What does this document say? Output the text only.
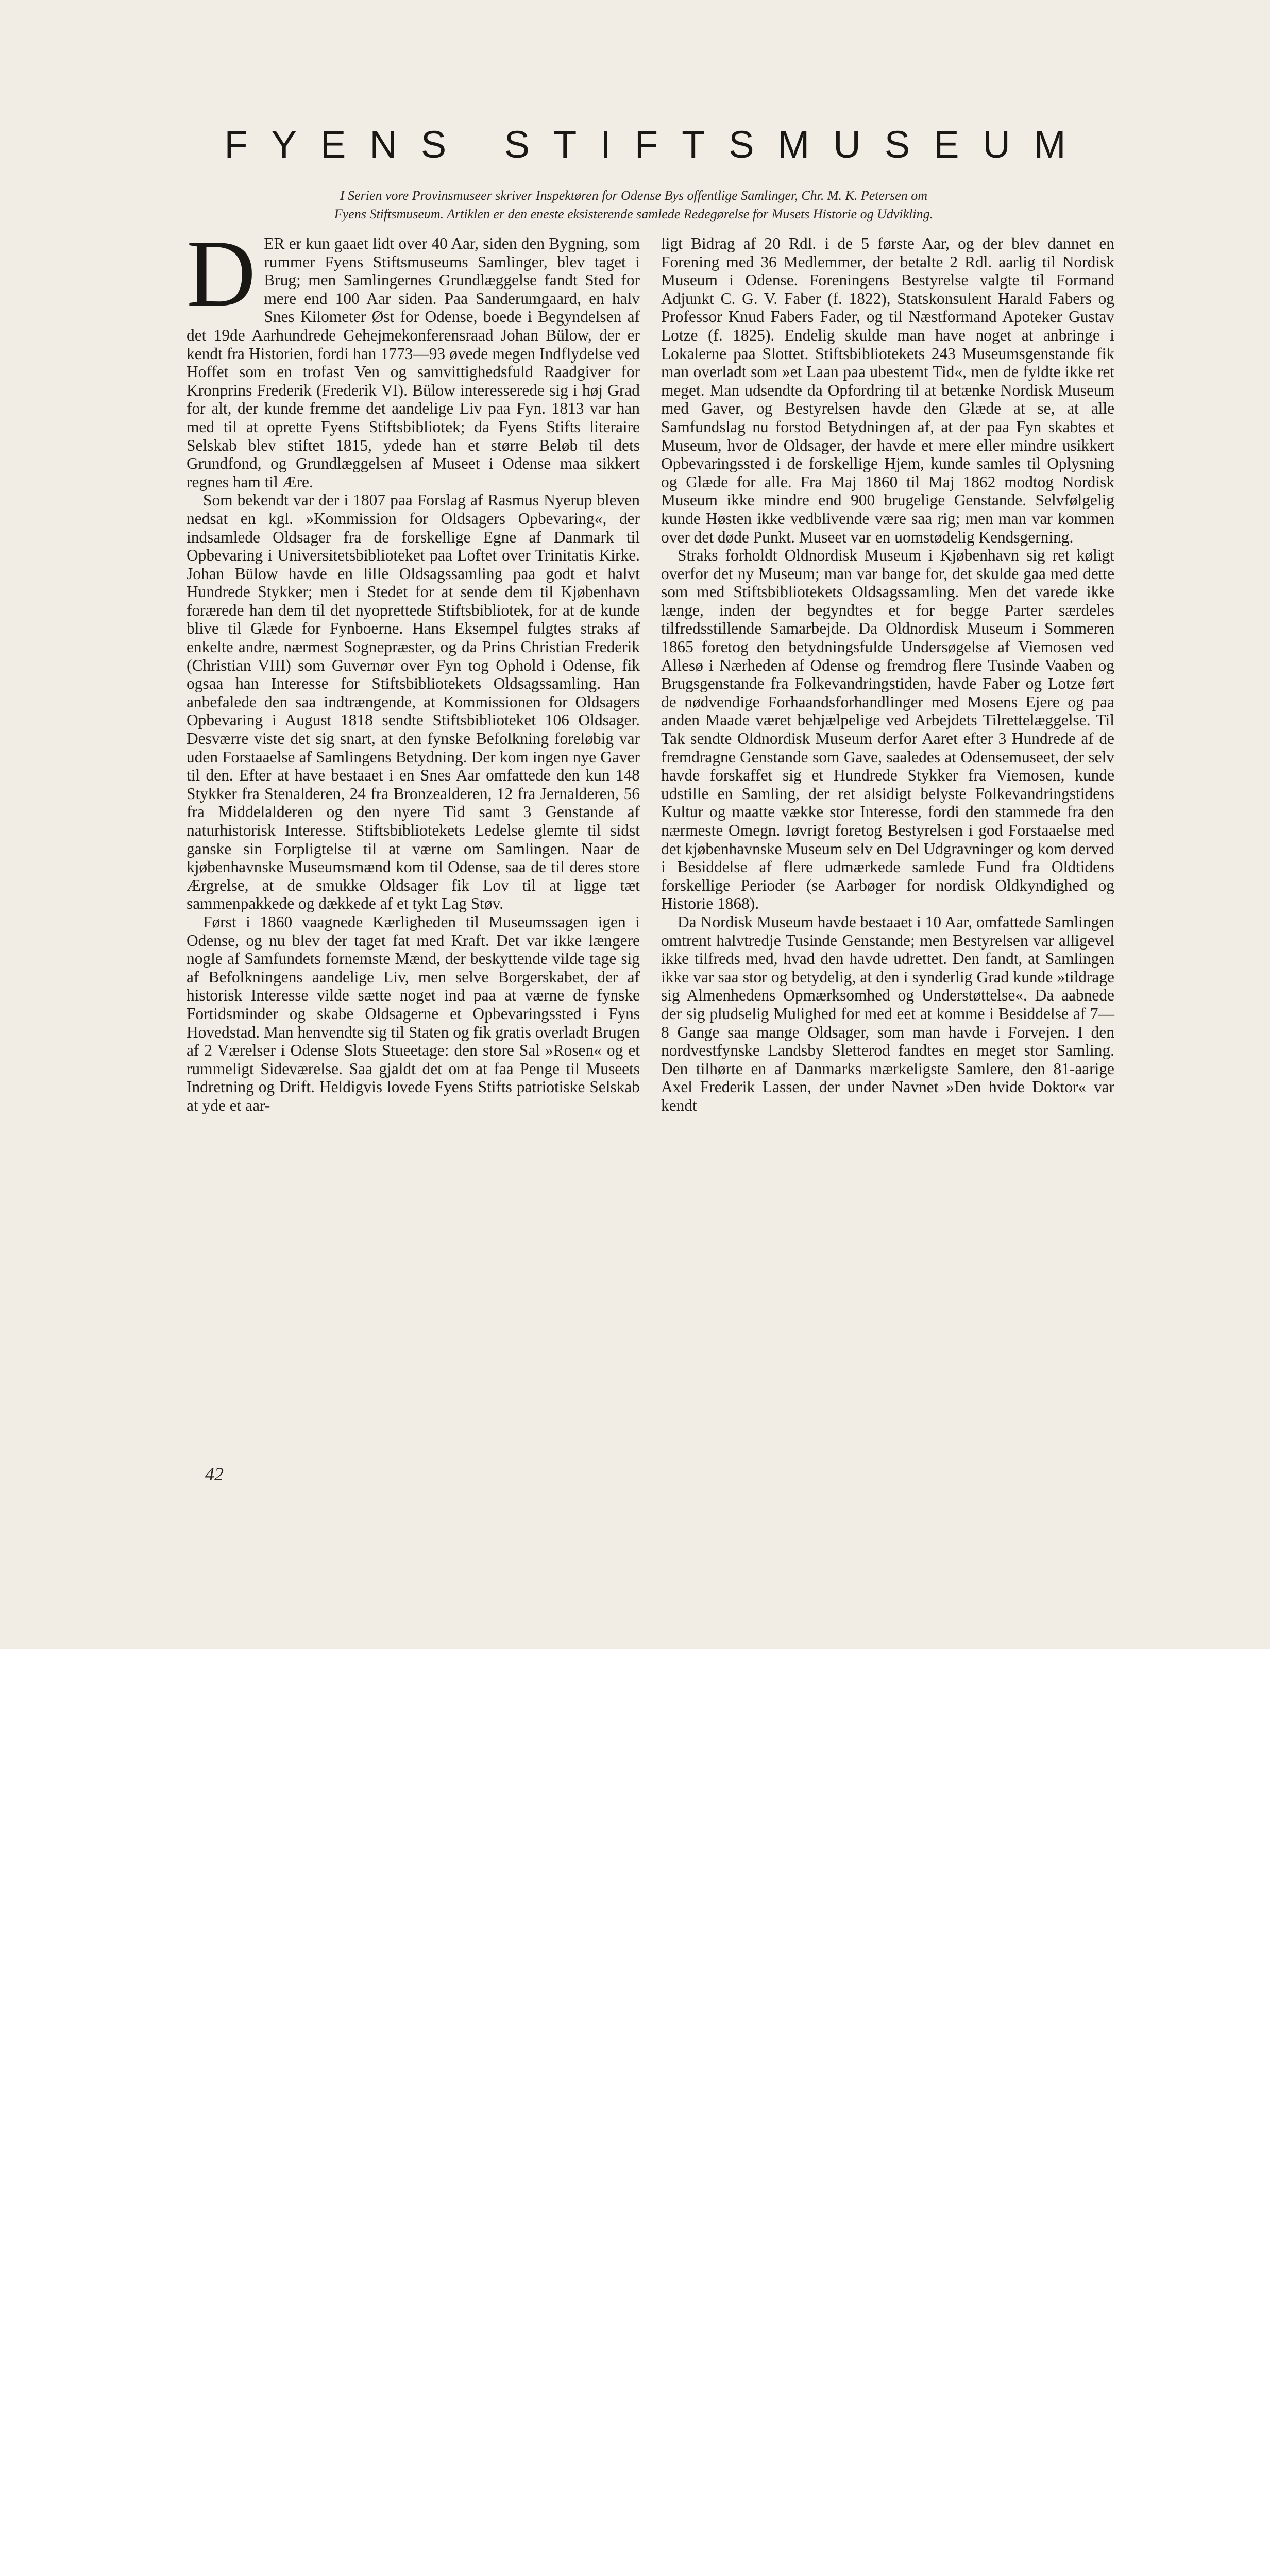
FYENS STIFTSMUSEUM
I Serien vore Provinsmuseer skriver Inspektøren for Odense Bys offentlige Samlinger, Chr. M. K. Petersen om
Fyens Stiftsmuseum. Artiklen er den eneste eksisterende samlede Redegørelse for Musets Historie og Udvikling.

DER er kun gaaet lidt over 40 Aar, siden den Bygning, som rummer Fyens Stiftsmuseums Samlinger, blev taget i Brug; men Samlingernes Grundlæggelse fandt Sted for mere end 100 Aar siden. Paa Sanderumgaard, en halv Snes Kilometer Øst for Odense, boede i Begyndelsen af det 19de Aarhundrede Gehejmekonferensraad Johan Bülow, der er kendt fra Historien, fordi han 1773—93 øvede megen Indflydelse ved Hoffet som en trofast Ven og samvittighedsfuld Raadgiver for Kronprins Frederik (Frederik VI). Bülow interesserede sig i høj Grad for alt, der kunde fremme det aandelige Liv paa Fyn. 1813 var han med til at oprette Fyens Stiftsbibliotek; da Fyens Stifts literaire Selskab blev stiftet 1815, ydede han et større Beløb til dets Grundfond, og Grundlæggelsen af Museet i Odense maa sikkert regnes ham til Ære.

Som bekendt var der i 1807 paa Forslag af Rasmus Nyerup bleven nedsat en kgl. »Kommission for Oldsagers Opbevaring«, der indsamlede Oldsager fra de forskellige Egne af Danmark til Opbevaring i Universitetsbiblioteket paa Loftet over Trinitatis Kirke. Johan Bülow havde en lille Oldsagssamling paa godt et halvt Hundrede Stykker; men i Stedet for at sende dem til Kjøbenhavn forærede han dem til det nyoprettede Stiftsbibliotek, for at de kunde blive til Glæde for Fynboerne. Hans Eksempel fulgtes straks af enkelte andre, nærmest Sognepræster, og da Prins Christian Frederik (Christian VIII) som Guvernør over Fyn tog Ophold i Odense, fik ogsaa han Interesse for Stiftsbibliotekets Oldsagssamling. Han anbefalede den saa indtrængende, at Kommissionen for Oldsagers Opbevaring i August 1818 sendte Stiftsbiblioteket 106 Oldsager. Desværre viste det sig snart, at den fynske Befolkning foreløbig var uden Forstaaelse af Samlingens Betydning. Der kom ingen nye Gaver til den. Efter at have bestaaet i en Snes Aar omfattede den kun 148 Stykker fra Stenalderen, 24 fra Bronzealderen, 12 fra Jernalderen, 56 fra Middelalderen og den nyere Tid samt 3 Genstande af naturhistorisk Interesse. Stiftsbibliotekets Ledelse glemte til sidst ganske sin Forpligtelse til at værne om Samlingen. Naar de kjøbenhavnske Museumsmænd kom til Odense, saa de til deres store Ærgrelse, at de smukke Oldsager fik Lov til at ligge tæt sammenpakkede og dækkede af et tykt Lag Støv.

Først i 1860 vaagnede Kærligheden til Museumssagen igen i Odense, og nu blev der taget fat med Kraft. Det var ikke længere nogle af Samfundets fornemste Mænd, der beskyttende vilde tage sig af Befolkningens aandelige Liv, men selve Borgerskabet, der af historisk Interesse vilde sætte noget ind paa at værne de fynske Fortidsminder og skabe Oldsagerne et Opbevaringssted i Fyns Hovedstad. Man henvendte sig til Staten og fik gratis overladt Brugen af 2 Værelser i Odense Slots Stueetage: den store Sal »Rosen« og et rummeligt Sideværelse. Saa gjaldt det om at faa Penge til Museets Indretning og Drift. Heldigvis lovede Fyens Stifts patriotiske Selskab at yde et aar-

ligt Bidrag af 20 Rdl. i de 5 første Aar, og der blev dannet en Forening med 36 Medlemmer, der betalte 2 Rdl. aarlig til Nordisk Museum i Odense. Foreningens Bestyrelse valgte til Formand Adjunkt C. G. V. Faber (f. 1822), Statskonsulent Harald Fabers og Professor Knud Fabers Fader, og til Næstformand Apoteker Gustav Lotze (f. 1825). Endelig skulde man have noget at anbringe i Lokalerne paa Slottet. Stiftsbibliotekets 243 Museumsgenstande fik man overladt som »et Laan paa ubestemt Tid«, men de fyldte ikke ret meget. Man udsendte da Opfordring til at betænke Nordisk Museum med Gaver, og Bestyrelsen havde den Glæde at se, at alle Samfundslag nu forstod Betydningen af, at der paa Fyn skabtes et Museum, hvor de Oldsager, der havde et mere eller mindre usikkert Opbevaringssted i de forskellige Hjem, kunde samles til Oplysning og Glæde for alle. Fra Maj 1860 til Maj 1862 modtog Nordisk Museum ikke mindre end 900 brugelige Genstande. Selvfølgelig kunde Høsten ikke vedblivende være saa rig; men man var kommen over det døde Punkt. Museet var en uomstødelig Kendsgerning.

Straks forholdt Oldnordisk Museum i Kjøbenhavn sig ret køligt overfor det ny Museum; man var bange for, det skulde gaa med dette som med Stiftsbibliotekets Oldsagssamling. Men det varede ikke længe, inden der begyndtes et for begge Parter særdeles tilfredsstillende Samarbejde. Da Oldnordisk Museum i Sommeren 1865 foretog den betydningsfulde Undersøgelse af Viemosen ved Allesø i Nærheden af Odense og fremdrog flere Tusinde Vaaben og Brugsgenstande fra Folkevandringstiden, havde Faber og Lotze ført de nødvendige Forhaandsforhandlinger med Mosens Ejere og paa anden Maade været behjælpelige ved Arbejdets Tilrettelæggelse. Til Tak sendte Oldnordisk Museum derfor Aaret efter 3 Hundrede af de fremdragne Genstande som Gave, saaledes at Odensemuseet, der selv havde forskaffet sig et Hundrede Stykker fra Viemosen, kunde udstille en Samling, der ret alsidigt belyste Folkevandringstidens Kultur og maatte vække stor Interesse, fordi den stammede fra den nærmeste Omegn. Iøvrigt foretog Bestyrelsen i god Forstaaelse med det kjøbenhavnske Museum selv en Del Udgravninger og kom derved i Besiddelse af flere udmærkede samlede Fund fra Oldtidens forskellige Perioder (se Aarbøger for nordisk Oldkyndighed og Historie 1868).

Da Nordisk Museum havde bestaaet i 10 Aar, omfattede Samlingen omtrent halvtredje Tusinde Genstande; men Bestyrelsen var alligevel ikke tilfreds med, hvad den havde udrettet. Den fandt, at Samlingen ikke var saa stor og betydelig, at den i synderlig Grad kunde »tildrage sig Almenhedens Opmærksomhed og Understøttelse«. Da aabnede der sig pludselig Mulighed for med eet at komme i Besiddelse af 7—8 Gange saa mange Oldsager, som man havde i Forvejen. I den nordvestfynske Landsby Sletterod fandtes en meget stor Samling. Den tilhørte en af Danmarks mærkeligste Samlere, den 81-aarige Axel Frederik Lassen, der under Navnet »Den hvide Doktor« var kendt

42
